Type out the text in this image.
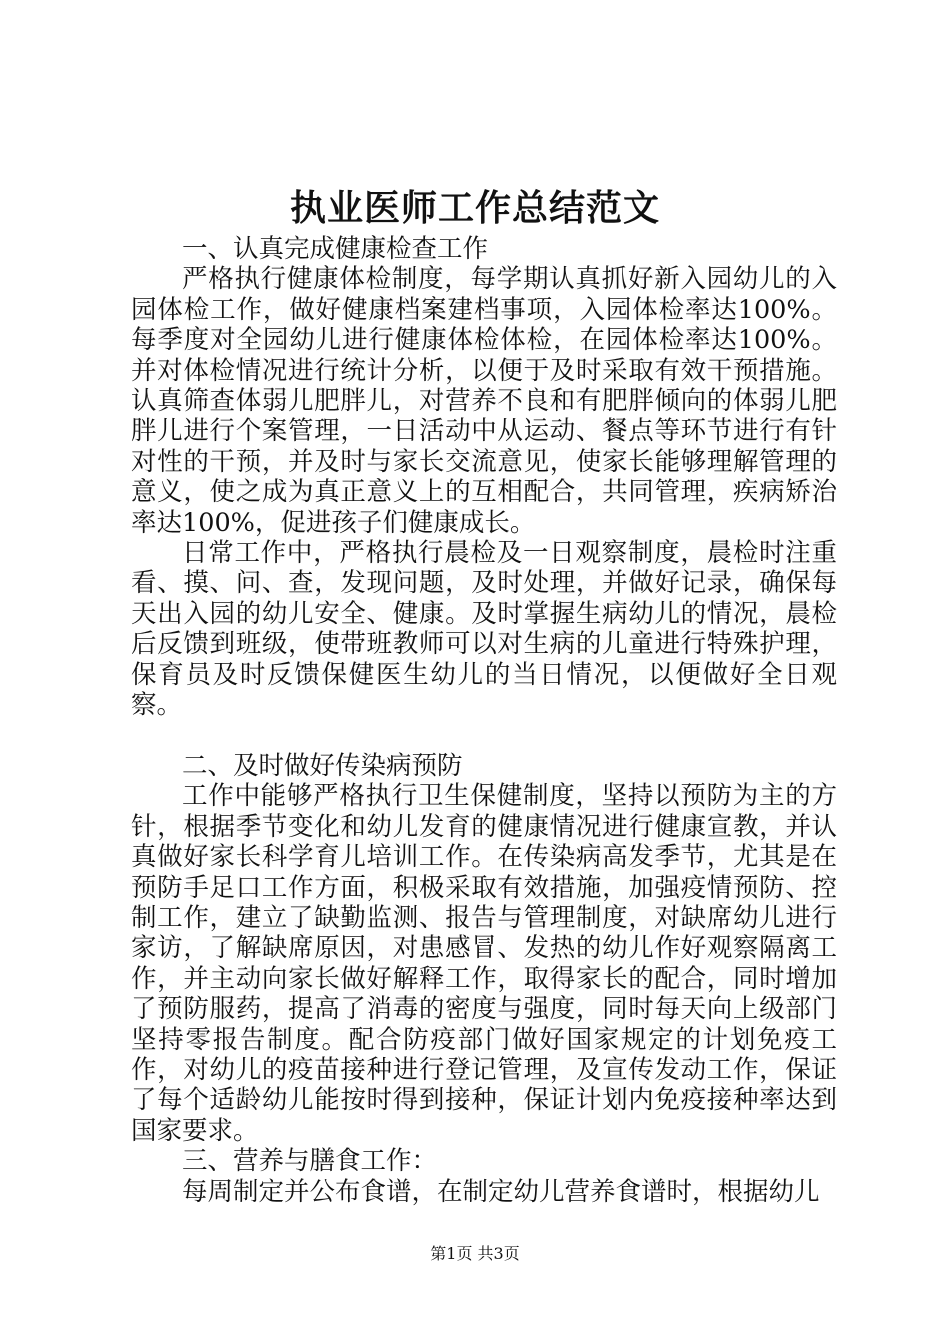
执业医师工作总结范文

一、认真完成健康检查工作

严格执行健康体检制度，每学期认真抓好新入园幼儿的入园体检工作，做好健康档案建档事项，入园体检率达100%。每季度对全园幼儿进行健康体检体检，在园体检率达100%。并对体检情况进行统计分析，以便于及时采取有效干预措施。认真筛查体弱儿肥胖儿，对营养不良和有肥胖倾向的体弱儿肥胖儿进行个案管理，一日活动中从运动、餐点等环节进行有针对性的干预，并及时与家长交流意见，使家长能够理解管理的意义，使之成为真正意义上的互相配合，共同管理，疾病矫治率达100%，促进孩子们健康成长。

日常工作中，严格执行晨检及一日观察制度，晨检时注重看、摸、问、查，发现问题，及时处理，并做好记录，确保每天出入园的幼儿安全、健康。及时掌握生病幼儿的情况，晨检后反馈到班级，使带班教师可以对生病的儿童进行特殊护理，保育员及时反馈保健医生幼儿的当日情况，以便做好全日观察。

二、及时做好传染病预防

工作中能够严格执行卫生保健制度，坚持以预防为主的方针，根据季节变化和幼儿发育的健康情况进行健康宣教，并认真做好家长科学育儿培训工作。在传染病高发季节，尤其是在预防手足口工作方面，积极采取有效措施，加强疫情预防、控制工作，建立了缺勤监测、报告与管理制度，对缺席幼儿进行家访，了解缺席原因，对患感冒、发热的幼儿作好观察隔离工作，并主动向家长做好解释工作，取得家长的配合，同时增加了预防服药，提高了消毒的密度与强度，同时每天向上级部门坚持零报告制度。配合防疫部门做好国家规定的计划免疫工作，对幼儿的疫苗接种进行登记管理，及宣传发动工作，保证了每个适龄幼儿能按时得到接种，保证计划内免疫接种率达到国家要求。

三、营养与膳食工作：

每周制定并公布食谱，在制定幼儿营养食谱时，根据幼儿

第1页 共3页
